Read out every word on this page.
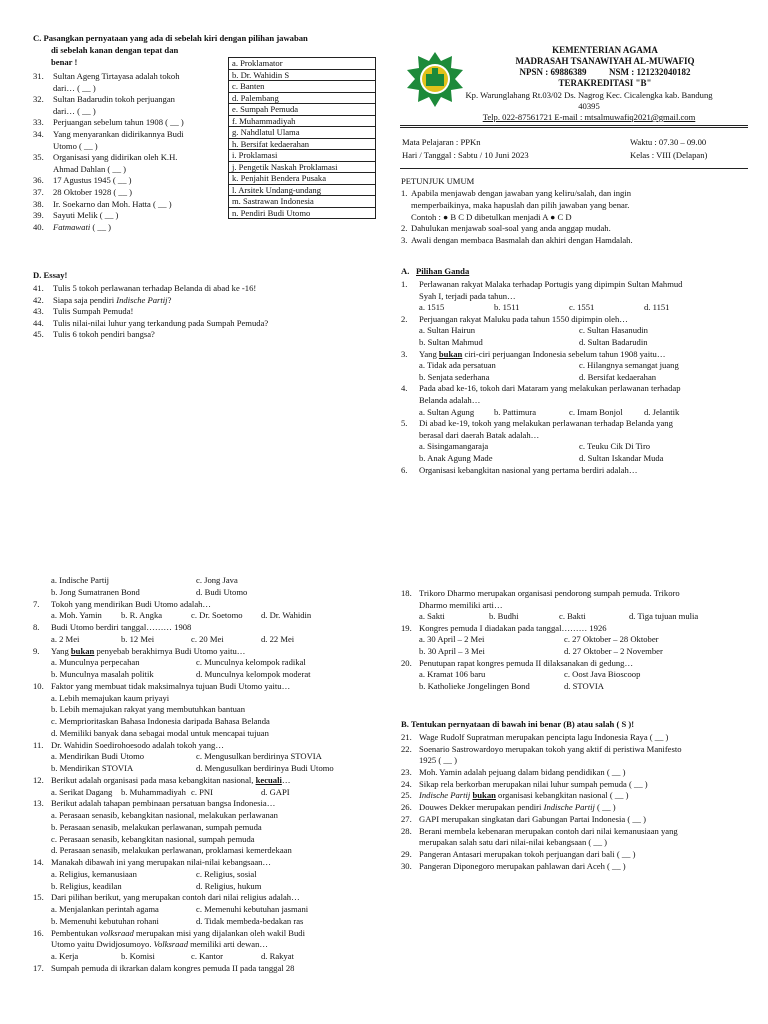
C. Pasangkan pernyataan yang ada di sebelah kiri dengan pilihan jawaban
di sebelah kanan dengan tepat dan
benar !
31.	Sultan Ageng Tirtayasa adalah tokoh
dari… ( __ )
32.	Sultan Badarudin tokoh perjuangan
dari… ( __ )
33.	Perjuangan sebelum tahun 1908 ( __ )
34.	Yang menyarankan didirikannya Budi
Utomo ( __ )
35.	Organisasi yang didirikan oleh K.H.
Ahmad Dahlan ( __ )
36.	17 Agustus 1945 ( __ )
37.	28 Oktober 1928 ( __ )
38.	Ir. Soekarno dan Moh. Hatta ( __ )
39.	Sayuti Melik ( __ )
40.	Fatmawati ( __ )
a. Proklamator
b. Dr. Wahidin S
c. Banten
d. Palembang
e. Sumpah Pemuda
f. Muhammadiyah
g. Nahdlatul Ulama
h. Bersifat kedaerahan
i. Proklamasi
j. Pengetik Naskah Proklamasi
k. Penjahit Bendera Pusaka
l. Arsitek Undang-undang
m. Sastrawan Indonesia
n. Pendiri Budi Utomo
D. Essay!
41.	Tulis 5 tokoh perlawanan terhadap Belanda di abad ke -16!
42.	Siapa saja pendiri Indische Partij?
43.	Tulis Sumpah Pemuda!
44.	Tulis nilai-nilai luhur yang terkandung pada Sumpah Pemuda?
45.	Tulis 6 tokoh pendiri bangsa?
KEMENTERIAN AGAMA
MADRASAH TSANAWIYAH AL-MUWAFIQ
NPSN : 69886389	NSM : 121232040182
TERAKREDITASI "B"
Kp. Warunglahang Rt.03/02 Ds. Nagrog Kec. Cicalengka kab. Bandung
40395
Telp. 022-87561721 E-mail : mtsalmuwafiq2021@gmail.com
Mata Pelajaran : PPKn
Hari / Tanggal : Sabtu / 10 Juni 2023
Waktu : 07.30 – 09.00
Kelas : VIII (Delapan)
PETUNJUK UMUM
1. Apabila menjawab dengan jawaban yang keliru/salah, dan ingin
memperbaikinya, maka hapuslah dan pilih jawaban yang benar.
Contoh : ● B C D dibetulkan menjadi A ● C D
2. Dahulukan menjawab soal-soal yang anda anggap mudah.
3. Awali dengan membaca Basmalah dan akhiri dengan Hamdalah.
A. Pilihan Ganda
1.	Perlawanan rakyat Malaka terhadap Portugis yang dipimpin Sultan Mahmud
Syah I, terjadi pada tahun…
a. 1515	b. 1511	c. 1551	d. 1151
2.	Perjuangan rakyat Maluku pada tahun 1550 dipimpin oleh…
a. Sultan Hairun	c. Sultan Hasanudin
b. Sultan Mahmud	d. Sultan Badarudin
3.	Yang bukan ciri-ciri perjuangan Indonesia sebelum tahun 1908 yaitu…
a. Tidak ada persatuan	c. Hilangnya semangat juang
b. Senjata sederhana	d. Bersifat kedaerahan
4.	Pada abad ke-16, tokoh dari Mataram yang melakukan perlawanan terhadap
Belanda adalah…
a. Sultan Agung	b. Pattimura	c. Imam Bonjol	d. Jelantik
5.	Di abad ke-19, tokoh yang melakukan perlawanan terhadap Belanda yang
berasal dari daerah Batak adalah…
a. Sisingamangaraja	c. Teuku Cik Di Tiro
b. Anak Agung Made	d. Sultan Iskandar Muda
6.	Organisasi kebangkitan nasional yang pertama berdiri adalah…
a. Indische Partij	c. Jong Java
b. Jong Sumatranen Bond	d. Budi Utomo
7.	Tokoh yang mendirikan Budi Utomo adalah…
a. Moh. Yamin	b. R. Angka	c. Dr. Soetomo	d. Dr. Wahidin
8.	Budi Utomo berdiri tanggal……… 1908
a. 2 Mei	b. 12 Mei	c. 20 Mei	d. 22 Mei
9.	Yang bukan penyebab berakhirnya Budi Utomo yaitu…
a. Munculnya perpecahan	c. Munculnya kelompok radikal
b. Munculnya masalah politik	d. Munculnya kelompok moderat
10. Faktor yang membuat tidak maksimalnya tujuan Budi Utomo yaitu…
a. Lebih memajukan kaum priyayi
b. Lebih memajukan rakyat yang membutuhkan bantuan
c. Memprioritaskan Bahasa Indonesia daripada Bahasa Belanda
d. Memiliki banyak dana sebagai modal untuk mencapai tujuan
11. Dr. Wahidin Soedirohoesodo adalah tokoh yang…
a. Mendirikan Budi Utomo	c. Mengusulkan berdirinya STOVIA
b. Mendirikan STOVIA	d. Mengusulkan berdirinya Budi Utomo
12. Berikut adalah organisasi pada masa kebangkitan nasional, kecuali…
a. Serikat Dagang	b. Muhammadiyah c. PNI	d. GAPI
13. Berikut adalah tahapan pembinaan persatuan bangsa Indonesia…
a. Perasaan senasib, kebangkitan nasional, melakukan perlawanan
b. Perasaan senasib, melakukan perlawanan, sumpah pemuda
c. Perasaan senasib, kebangkitan nasional, sumpah pemuda
d. Perasaan senasib, melakukan perlawanan, proklamasi kemerdekaan
14. Manakah dibawah ini yang merupakan nilai-nilai kebangsaan…
a. Religius, kemanusiaan	c. Religius, sosial
b. Religius, keadilan	d. Religius, hukum
15. Dari pilihan berikut, yang merupakan contoh dari nilai religius adalah…
a. Menjalankan perintah agama	c. Memenuhi kebutuhan jasmani
b. Memenuhi kebutuhan rohani	d. Tidak membeda-bedakan ras
16. Pembentukan volksraad merupakan misi yang dijalankan oleh wakil Budi
Utomo yaitu Dwidjosumoyo. Volksraad memiliki arti dewan…
a. Kerja	b. Komisi	c. Kantor	d. Rakyat
17. Sumpah pemuda di ikrarkan dalam kongres pemuda II pada tanggal 28
18. Trikoro Dharmo merupakan organisasi pendorong sumpah pemuda. Trikoro
Dharmo memiliki arti…
a. Sakti	b. Budhi	c. Bakti	d. Tiga tujuan mulia
19. Kongres pemuda I diadakan pada tanggal……… 1926
a. 30 April – 2 Mei	c. 27 Oktober – 28 Oktober
b. 30 April – 3 Mei	d. 27 Oktober – 2 November
20. Penutupan rapat kongres pemuda II dilaksanakan di gedung…
a. Kramat 106 baru	c. Oost Java Bioscoop
b. Katholieke Jongelingen Bond	d. STOVIA
B. Tentukan pernyataan di bawah ini benar (B) atau salah ( S )!
21. Wage Rudolf Supratman merupakan pencipta lagu Indonesia Raya ( __ )
22. Soenario Sastrowardoyo merupakan tokoh yang aktif di peristiwa Manifesto
1925 ( __ )
23. Moh. Yamin adalah pejuang dalam bidang pendidikan ( __ )
24. Sikap rela berkorban merupakan nilai luhur sumpah pemuda ( __ )
25. Indische Partij bukan organisasi kebangkitan nasional ( __ )
26. Douwes Dekker merupakan pendiri Indische Partij ( __ )
27. GAPI merupakan singkatan dari Gabungan Partai Indonesia ( __ )
28. Berani membela kebenaran merupakan contoh dari nilai kemanusiaan yang
merupakan salah satu dari nilai-nilai kebangsaan ( __ )
29. Pangeran Antasari merupakan tokoh perjuangan dari bali ( __ )
30. Pangeran Diponegoro merupakan pahlawan dari Aceh ( __ )
